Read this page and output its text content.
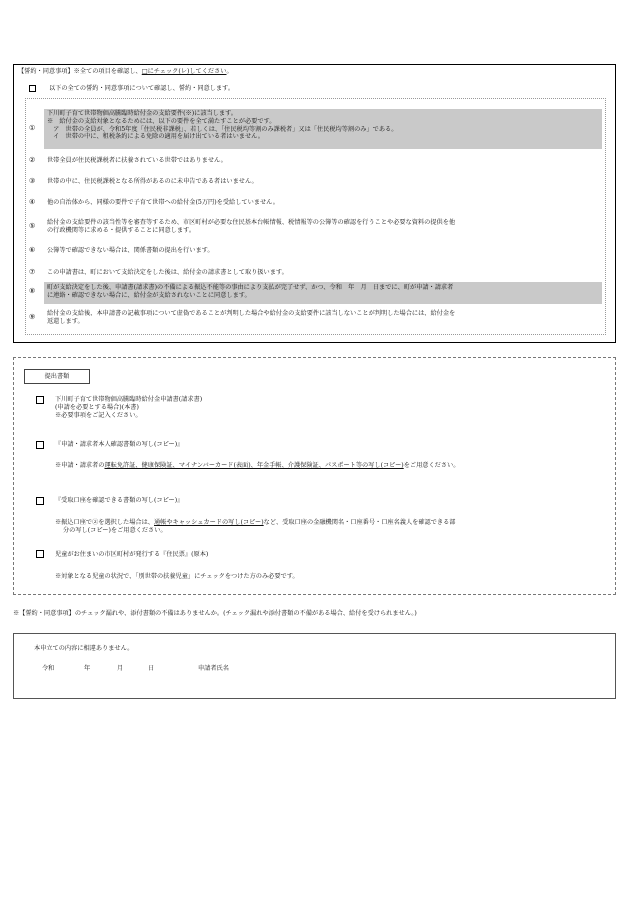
【誓約・同意事項】※全ての項目を確認し、□にチェック(レ)してください。
以下の全ての誓約・同意事項について確認し、誓約・同意します。
①
下川町子育て世帯物価高騰臨時給付金の支給要件(※)に該当します。
※　給付金の支給対象となるためには、以下の要件を全て満たすことが必要です。
　ア　世帯の全員が、令和5年度「住民税非課税」、若しくは、「住民税均等割のみ課税者」又は「住民税均等割のみ」である。
　イ　世帯の中に、租税条約による免除の適用を届け出ている者はいません。
② 世帯全員が住民税課税者に扶養されている世帯ではありません。
③ 世帯の中に、住民税課税となる所得があるのに未申告である者はいません。
④ 他の自治体から、同様の要件で子育て世帯への給付金(5万円)を受給していません。
⑤ 給付金の支給要件の該当性等を審査等するため、市区町村が必要な住民基本台帳情報、税情報等の公簿等の確認を行うことや必要な資料の提供を他
の行政機関等に求める・提供することに同意します。
⑥ 公簿等で確認できない場合は、関係書類の提出を行います。
⑦ この申請書は、町において支給決定をした後は、給付金の請求書として取り扱います。
⑧ 町が支給決定をした後、申請書(請求書)の不備による振込不能等の事由により支払が完了せず、かつ、令和　年　月　日までに、町が申請・請求者
に連絡・確認できない場合に、給付金が支給されないことに同意します。
⑨ 給付金の支給後、本申請書の記載事項について虚偽であることが判明した場合や給付金の支給要件に該当しないことが判明した場合には、給付金を
返還します。
提出書類
下川町子育て世帯物価高騰臨時給付金申請書(請求書)
(申請を必要とする場合)(本書)
※必要事項をご記入ください。
『申請・請求者本人確認書類の写し(コピー)』
※申請・請求者の運転免許証、健康保険証、マイナンバーカード(表面)、年金手帳、介護保険証、パスポート等の写し(コピー)をご用意ください。
『受取口座を確認できる書類の写し(コピー)』
※振込口座で②を選択した場合は、通帳やキャッシュカードの写し(コピー)など、受取口座の金融機関名・口座番号・口座名義人を確認できる部
分の写し(コピー)をご用意ください。
児童がお住まいの市区町村が発行する『住民票』(原本)
※対象となる児童の状況で、「別世帯の扶養児童」にチェックをつけた方のみ必要です。
※【誓約・同意事項】のチェック漏れや、添付書類の不備はありませんか。(チェック漏れや添付書類の不備がある場合、給付を受けられません。)
本申立ての内容に相違ありません。
令和	年	月	日	申請者氏名
